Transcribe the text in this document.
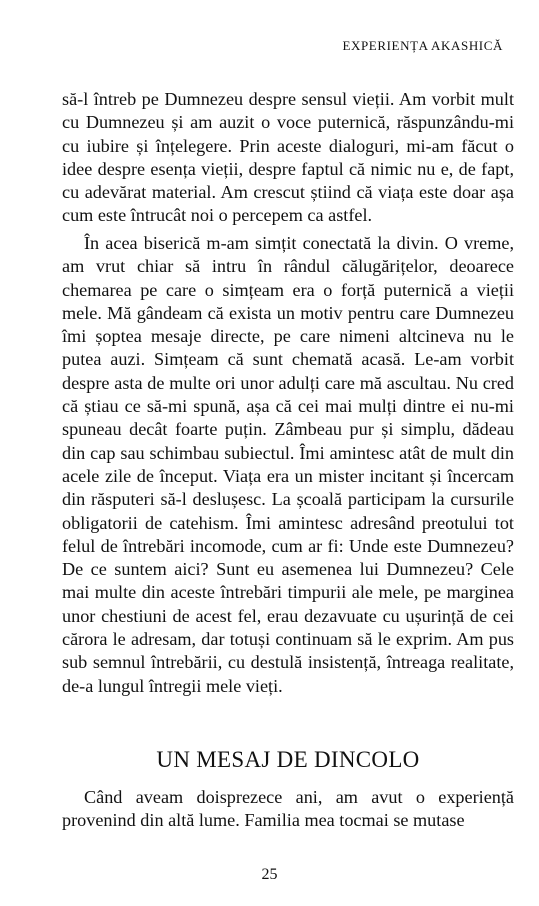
EXPERIENȚA AKASHICĂ

să-l întreb pe Dumnezeu despre sensul vieții. Am vorbit mult cu Dumnezeu și am auzit o voce puternică, răspunzându-mi cu iubire și înțelegere. Prin aceste dialoguri, mi-am făcut o idee despre esența vieții, despre faptul că nimic nu e, de fapt, cu adevărat material. Am crescut știind că viața este doar așa cum este întrucât noi o percepem ca astfel.

În acea biserică m-am simțit conectată la divin. O vreme, am vrut chiar să intru în rândul călugărițelor, deoarece chemarea pe care o simțeam era o forță puternică a vieții mele. Mă gândeam că exista un motiv pentru care Dumnezeu îmi șoptea mesaje directe, pe care nimeni altcineva nu le putea auzi. Simțeam că sunt chemată acasă. Le-am vorbit despre asta de multe ori unor adulți care mă ascultau. Nu cred că știau ce să-mi spună, așa că cei mai mulți dintre ei nu-mi spuneau decât foarte puțin. Zâmbeau pur și simplu, dădeau din cap sau schimbau subiectul. Îmi amintesc atât de mult din acele zile de început. Viața era un mister incitant și încercam din răsputeri să-l deslușesc. La școală participam la cursurile obligatorii de catehism. Îmi amintesc adresând preotului tot felul de întrebări incomode, cum ar fi: Unde este Dumnezeu? De ce suntem aici? Sunt eu asemenea lui Dumnezeu? Cele mai multe din aceste întrebări timpurii ale mele, pe marginea unor chestiuni de acest fel, erau dezavuate cu ușurință de cei cărora le adresam, dar totuși continuam să le exprim. Am pus sub semnul întrebării, cu destulă insistență, întreaga realitate, de-a lungul întregii mele vieți.

UN MESAJ DE DINCOLO

Când aveam doisprezece ani, am avut o experiență provenind din altă lume. Familia mea tocmai se mutase

25
